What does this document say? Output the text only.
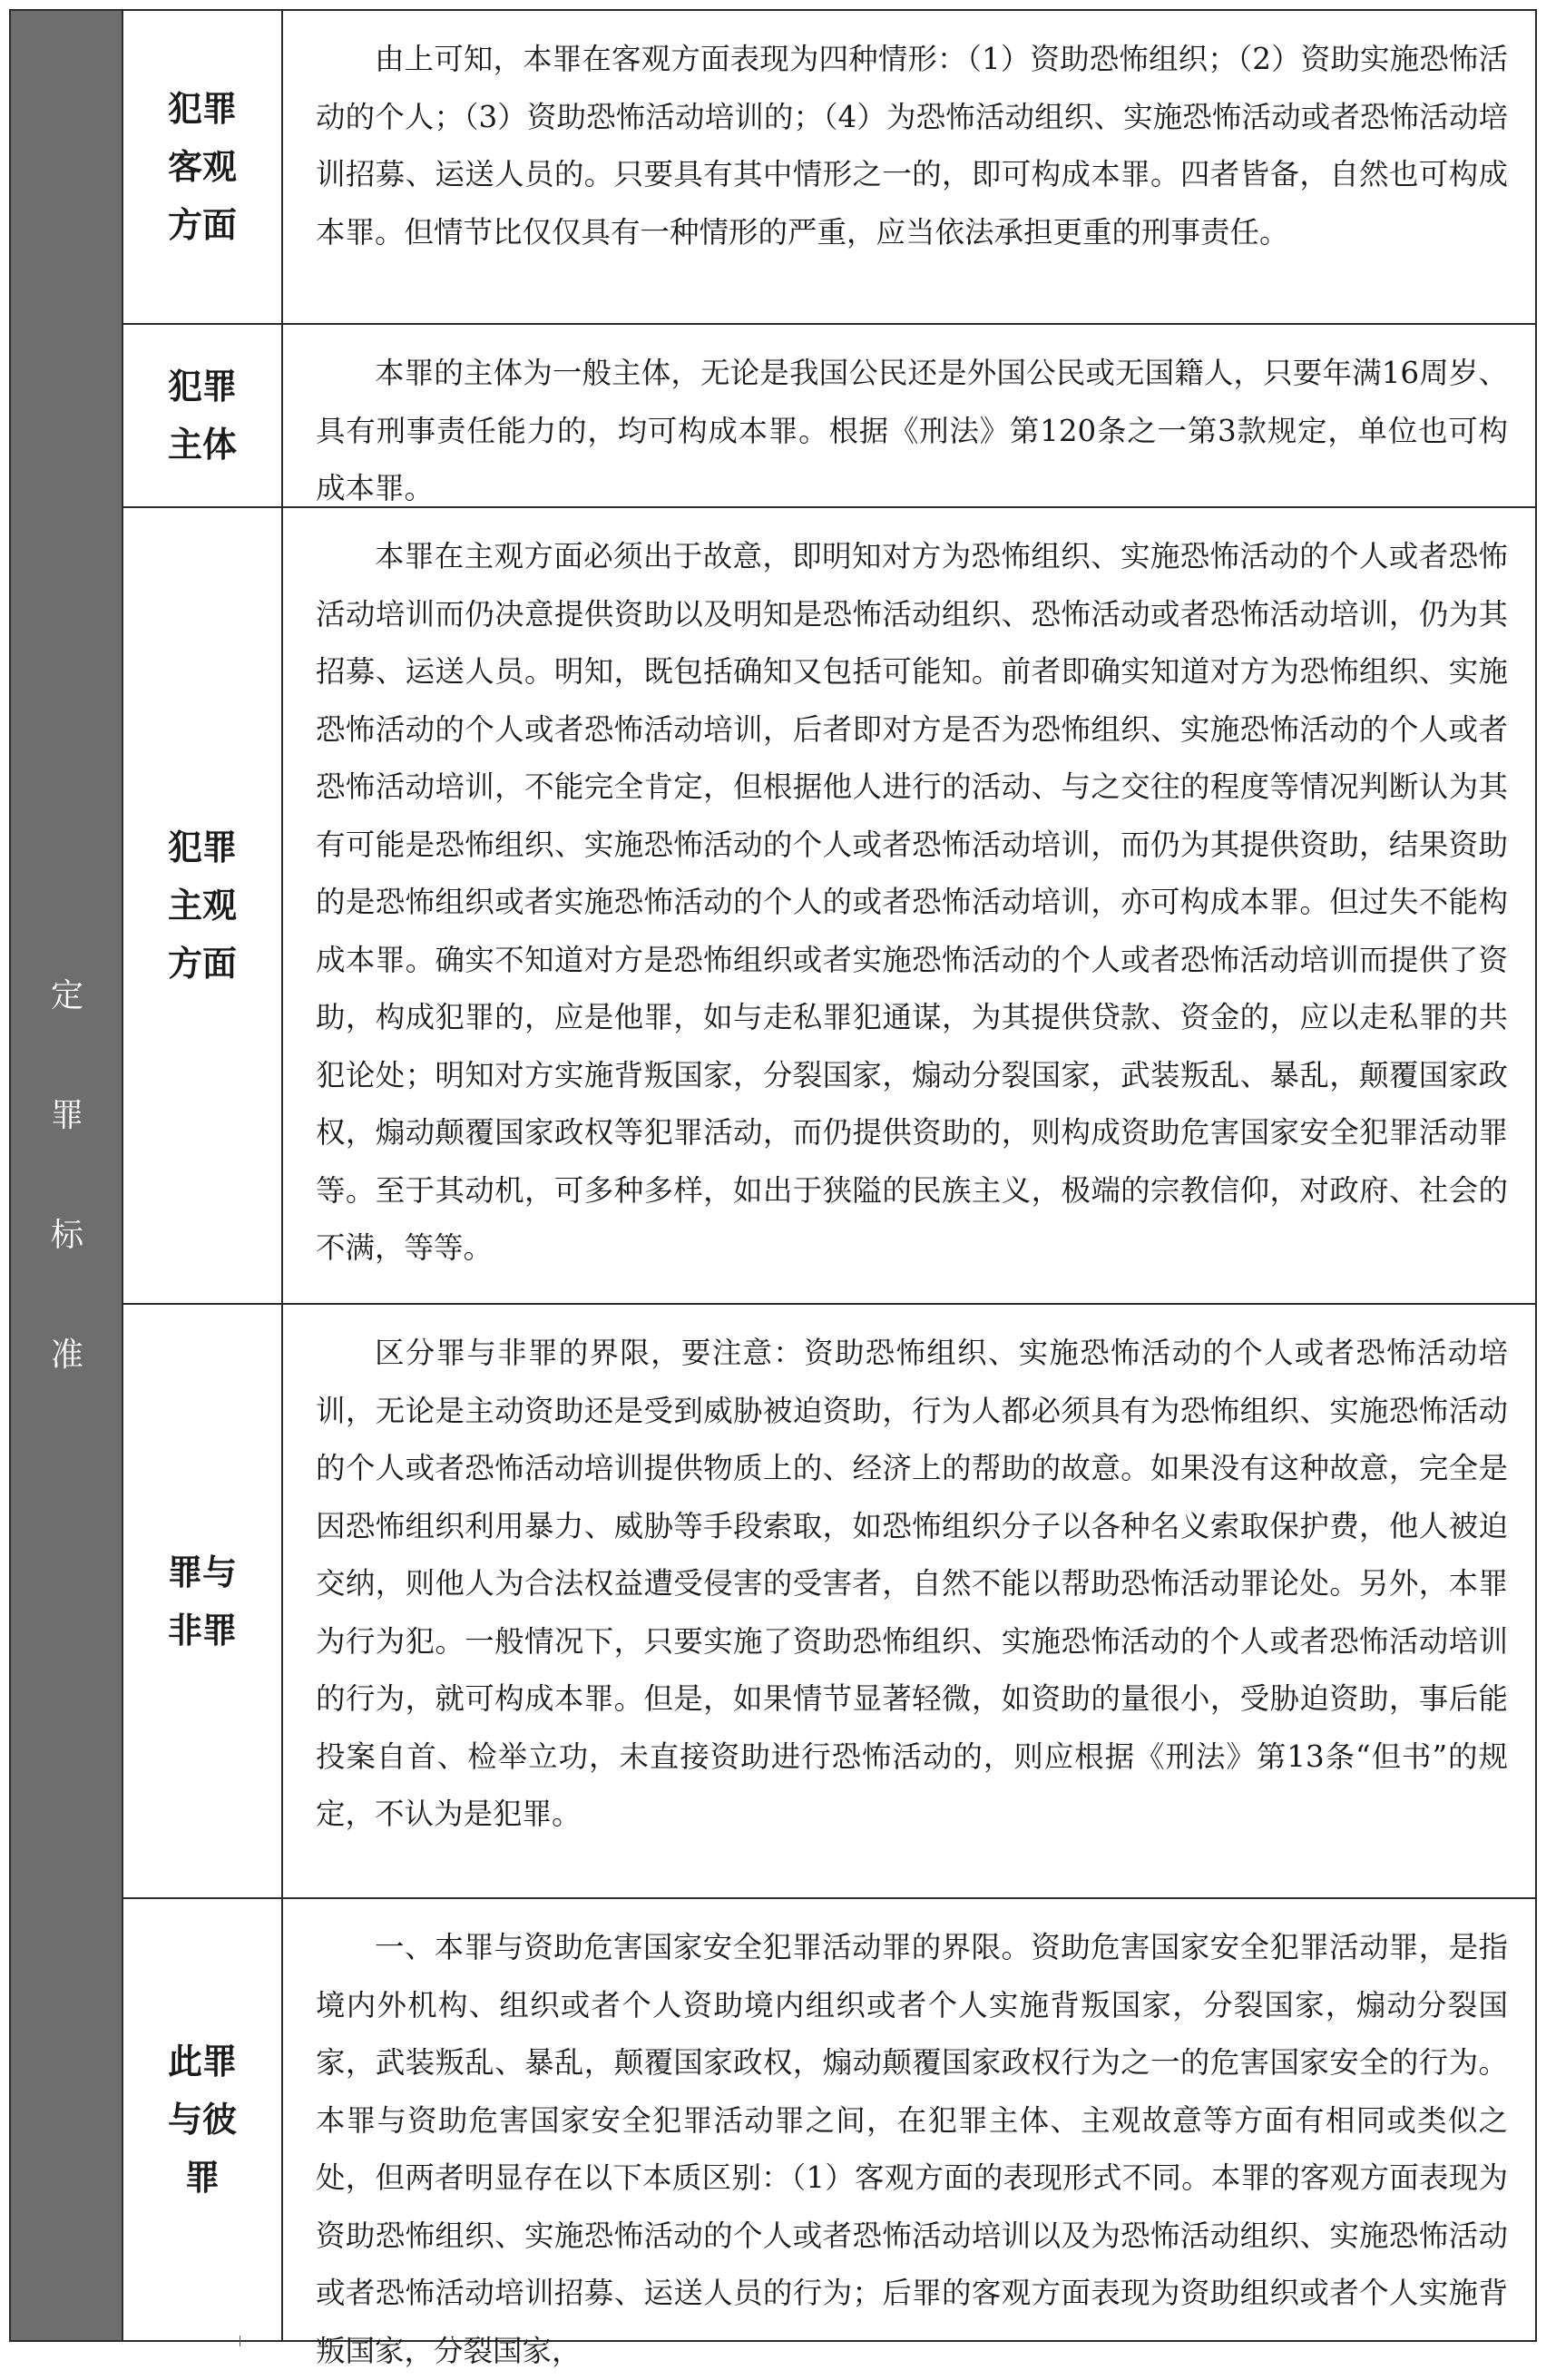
定
罪
标
准
犯罪客观方面

由上可知，本罪在客观方面表现为四种情形：（1）资助恐怖组织；（2）资助实施恐怖活动的个人；（3）资助恐怖活动培训的；（4）为恐怖活动组织、实施恐怖活动或者恐怖活动培训招募、运送人员的。只要具有其中情形之一的，即可构成本罪。四者皆备，自然也可构成本罪。但情节比仅仅具有一种情形的严重，应当依法承担更重的刑事责任。

犯罪主体

本罪的主体为一般主体，无论是我国公民还是外国公民或无国籍人，只要年满16周岁、具有刑事责任能力的，均可构成本罪。根据《刑法》第120条之一第3款规定，单位也可构成本罪。

犯罪主观方面

本罪在主观方面必须出于故意，即明知对方为恐怖组织、实施恐怖活动的个人或者恐怖活动培训而仍决意提供资助以及明知是恐怖活动组织、恐怖活动或者恐怖活动培训，仍为其招募、运送人员。明知，既包括确知又包括可能知。前者即确实知道对方为恐怖组织、实施恐怖活动的个人或者恐怖活动培训，后者即对方是否为恐怖组织、实施恐怖活动的个人或者恐怖活动培训，不能完全肯定，但根据他人进行的活动、与之交往的程度等情况判断认为其有可能是恐怖组织、实施恐怖活动的个人或者恐怖活动培训，而仍为其提供资助，结果资助的是恐怖组织或者实施恐怖活动的个人的或者恐怖活动培训，亦可构成本罪。但过失不能构成本罪。确实不知道对方是恐怖组织或者实施恐怖活动的个人或者恐怖活动培训而提供了资助，构成犯罪的，应是他罪，如与走私罪犯通谋，为其提供贷款、资金的，应以走私罪的共犯论处；明知对方实施背叛国家，分裂国家，煽动分裂国家，武装叛乱、暴乱，颠覆国家政权，煽动颠覆国家政权等犯罪活动，而仍提供资助的，则构成资助危害国家安全犯罪活动罪等。至于其动机，可多种多样，如出于狭隘的民族主义，极端的宗教信仰，对政府、社会的不满，等等。

罪与非罪

区分罪与非罪的界限，要注意：资助恐怖组织、实施恐怖活动的个人或者恐怖活动培训，无论是主动资助还是受到威胁被迫资助，行为人都必须具有为恐怖组织、实施恐怖活动的个人或者恐怖活动培训提供物质上的、经济上的帮助的故意。如果没有这种故意，完全是因恐怖组织利用暴力、威胁等手段索取，如恐怖组织分子以各种名义索取保护费，他人被迫交纳，则他人为合法权益遭受侵害的受害者，自然不能以帮助恐怖活动罪论处。另外，本罪为行为犯。一般情况下，只要实施了资助恐怖组织、实施恐怖活动的个人或者恐怖活动培训的行为，就可构成本罪。但是，如果情节显著轻微，如资助的量很小，受胁迫资助，事后能投案自首、检举立功，未直接资助进行恐怖活动的，则应根据《刑法》第13条“但书”的规定，不认为是犯罪。

此罪与彼罪

一、本罪与资助危害国家安全犯罪活动罪的界限。资助危害国家安全犯罪活动罪，是指境内外机构、组织或者个人资助境内组织或者个人实施背叛国家，分裂国家，煽动分裂国家，武装叛乱、暴乱，颠覆国家政权，煽动颠覆国家政权行为之一的危害国家安全的行为。本罪与资助危害国家安全犯罪活动罪之间，在犯罪主体、主观故意等方面有相同或类似之处，但两者明显存在以下本质区别：（1）客观方面的表现形式不同。本罪的客观方面表现为资助恐怖组织、实施恐怖活动的个人或者恐怖活动培训以及为恐怖活动组织、实施恐怖活动或者恐怖活动培训招募、运送人员的行为；后罪的客观方面表现为资助组织或者个人实施背叛国家，分裂国家，
